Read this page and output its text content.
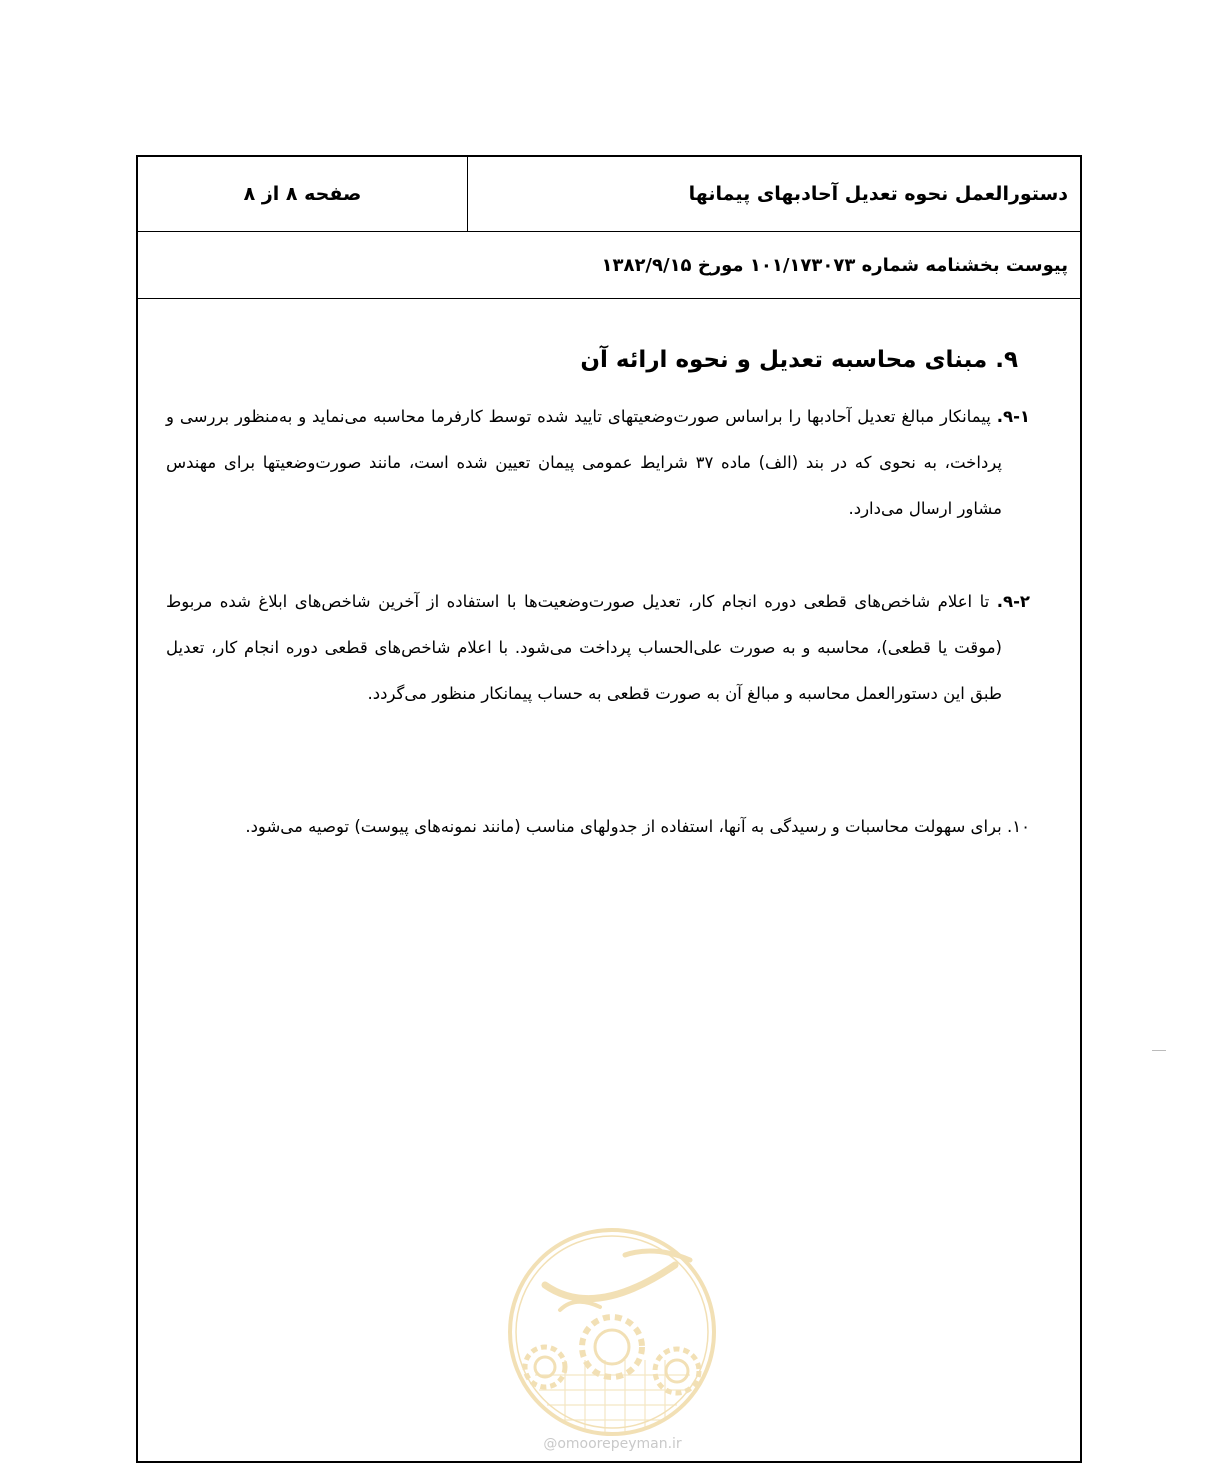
صفحه ۸ از ۸	دستورالعمل نحوه تعدیل آحادبهای پیمانها
پیوست بخشنامه شماره ۱۰۱/۱۷۳۰۷۳ مورخ ۱۳۸۲/۹/۱۵
۹. مبنای محاسبه تعدیل و نحوه ارائه آن
۹-۱. پیمانکار مبالغ تعدیل آحادبها را براساس صورت‌وضعیتهای تایید شده توسط کارفرما محاسبه می‌نماید و به‌منظور بررسی و پرداخت، به نحوی که در بند (الف) ماده ۳۷ شرایط عمومی پیمان تعیین شده است، مانند صورت‌وضعیتها برای مهندس مشاور ارسال می‌دارد.
۹-۲. تا اعلام شاخص‌های قطعی دوره انجام کار، تعدیل صورت‌وضعیت‌ها با استفاده از آخرین شاخص‌های ابلاغ شده مربوط (موقت یا قطعی)، محاسبه و به صورت علی‌الحساب پرداخت می‌شود. با اعلام شاخص‌های قطعی دوره انجام کار، تعدیل طبق این دستورالعمل محاسبه و مبالغ آن به صورت قطعی به حساب پیمانکار منظور می‌گردد.
۱۰. برای سهولت محاسبات و رسیدگی به آنها، استفاده از جدولهای مناسب (مانند نمونه‌های پیوست) توصیه می‌شود.
@omoorepeyman.ir
